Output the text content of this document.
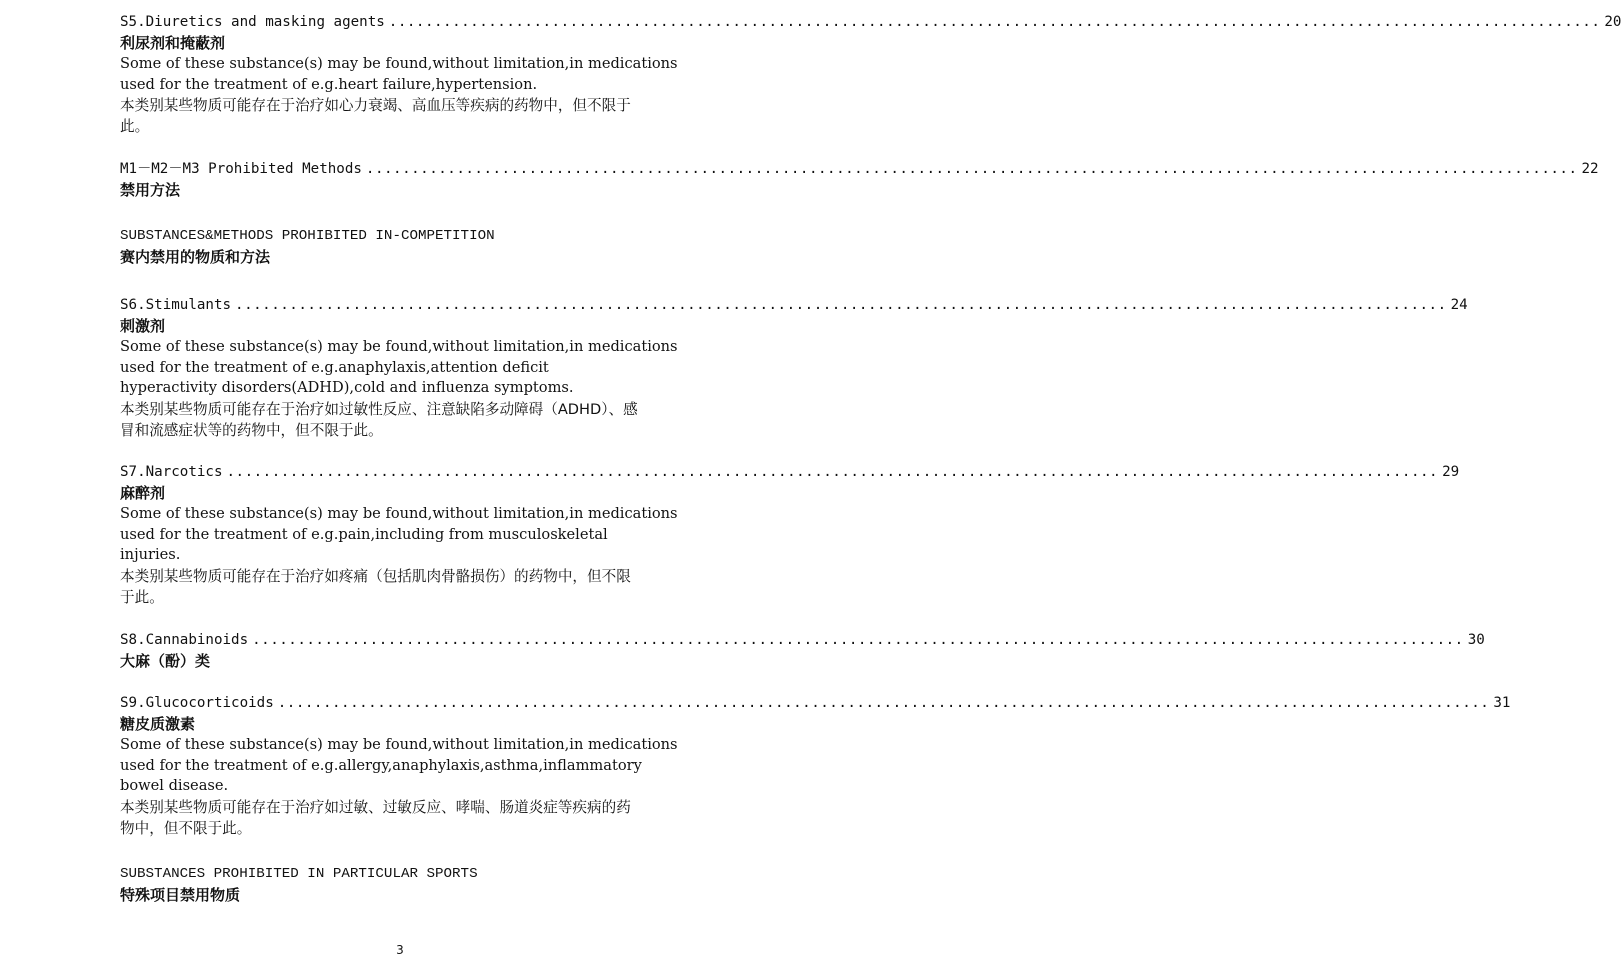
S5.Diuretics and masking agents ...................................................................................................................................... 20
利尿剂和掩蔽剂
Some of these substance(s) may be found,without limitation,in medications
used for the treatment of e.g.heart failure,hypertension.
本类别某些物质可能存在于治疗如心力衰竭、高血压等疾病的药物中，但不限于
此。
M1－M2－M3 Prohibited Methods ...................................................................................................................................... 22
禁用方法
SUBSTANCES&METHODS PROHIBITED IN-COMPETITION
赛内禁用的物质和方法
S6.Stimulants ...................................................................................................................................... 24
刺激剂
Some of these substance(s) may be found,without limitation,in medications
used for the treatment of e.g.anaphylaxis,attention deficit
hyperactivity disorders(ADHD),cold and influenza symptoms.
本类别某些物质可能存在于治疗如过敏性反应、注意缺陷多动障碍（ADHD）、感
冒和流感症状等的药物中，但不限于此。
S7.Narcotics ...................................................................................................................................... 29
麻醉剂
Some of these substance(s) may be found,without limitation,in medications
used for the treatment of e.g.pain,including from musculoskeletal
injuries.
本类别某些物质可能存在于治疗如疼痛（包括肌肉骨骼损伤）的药物中，但不限
于此。
S8.Cannabinoids ...................................................................................................................................... 30
大麻（酚）类
S9.Glucocorticoids ...................................................................................................................................... 31
糖皮质激素
Some of these substance(s) may be found,without limitation,in medications
used for the treatment of e.g.allergy,anaphylaxis,asthma,inflammatory
bowel disease.
本类别某些物质可能存在于治疗如过敏、过敏反应、哮喘、肠道炎症等疾病的药
物中，但不限于此。
SUBSTANCES PROHIBITED IN PARTICULAR SPORTS
特殊项目禁用物质
3
